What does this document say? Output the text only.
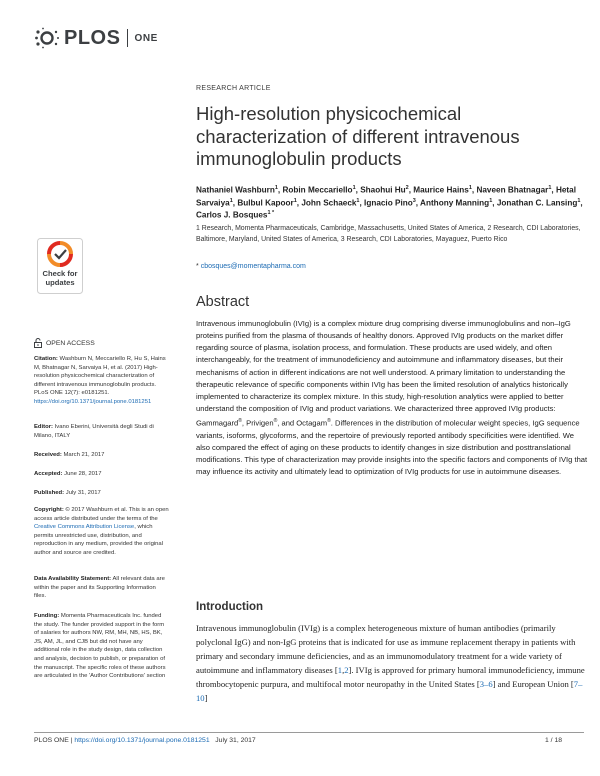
PLOS ONE
RESEARCH ARTICLE
High-resolution physicochemical characterization of different intravenous immunoglobulin products
Nathaniel Washburn$^1$, Robin Meccariello$^1$, Shaohui Hu$^2$, Maurice Hains$^1$, Naveen Bhatnagar$^1$, Hetal Sarvaiya$^1$, Bulbul Kapoor$^1$, John Schaeck$^1$, Ignacio Pino$^3$, Anthony Manning$^1$, Jonathan C. Lansing$^1$, Carlos J. Bosques$^{1 *}$
1 Research, Momenta Pharmaceuticals, Cambridge, Massachusetts, United States of America, 2 Research, CDI Laboratories, Baltimore, Maryland, United States of America, 3 Research, CDI Laboratories, Mayaguez, Puerto Rico
* cbosques@momentapharma.com
Abstract

Intravenous immunoglobulin (IVIg) is a complex mixture drug comprising diverse immunoglobulins and non–IgG proteins purified from the plasma of thousands of healthy donors. Approved IVIg products on the market differ regarding source of plasma, isolation process, and formulation. These products are used widely, and often interchangeably, for the treatment of immunodeficiency and autoimmune and inflammatory diseases, but their mechanisms of action in different indications are not well understood. A primary limitation to understanding the therapeutic relevance of specific components within IVIg has been the limited resolution of analytics historically implemented to characterize its complex mixture. In this study, high-resolution analytics were applied to better understand the composition of IVIg and product variations. We characterized three approved IVIg products: Gammagard®, Privigen®, and Octagam®. Differences in the distribution of molecular weight species, IgG sequence variants, isoforms, glycoforms, and the repertoire of previously reported antibody specificities were identified. We also compared the effect of aging on these products to identify changes in size distribution and posttranslational modifications. This type of characterization may provide insights into the specific factors and components of IVIg that may influence its activity and ultimately lead to optimization of IVIg products for use in autoimmune diseases.

Introduction

Intravenous immunoglobulin (IVIg) is a complex heterogeneous mixture of human antibodies (primarily polyclonal IgG) and non-IgG proteins that is indicated for use as immune replacement therapy in patients with primary and secondary immune deficiencies, and as an immunomodulatory treatment for a wide variety of autoimmune and inflammatory diseases [1,2]. IVIg is approved for primary humoral immunodeficiency, immune thrombocytopenic purpura, and multifocal motor neuropathy in the United States [3–6] and European Union [7–10]

Check for
updates
OPEN ACCESS
Citation: Washburn N, Meccariello R, Hu S, Hains M, Bhatnagar N, Sarvaiya H, et al. (2017) High-resolution physicochemical characterization of different intravenous immunoglobulin products. PLoS ONE 12(7): e0181251. https://doi.org/10.1371/journal.pone.0181251
Editor: Ivano Eberini, Università degli Studi di Milano, ITALY
Received: March 21, 2017
Accepted: June 28, 2017
Published: July 31, 2017
Copyright: © 2017 Washburn et al. This is an open access article distributed under the terms of the Creative Commons Attribution License, which permits unrestricted use, distribution, and reproduction in any medium, provided the original author and source are credited.
Data Availability Statement: All relevant data are within the paper and its Supporting Information files.
Funding: Momenta Pharmaceuticals Inc. funded the study. The funder provided support in the form of salaries for authors NW, RM, MH, NB, HS, BK, JS, AM, JL, and CJB but did not have any additional role in the study design, data collection and analysis, decision to publish, or preparation of the manuscript. The specific roles of these authors are articulated in the 'Author Contributions' section
PLOS ONE | https://doi.org/10.1371/journal.pone.0181251 July 31, 2017	1 / 18
